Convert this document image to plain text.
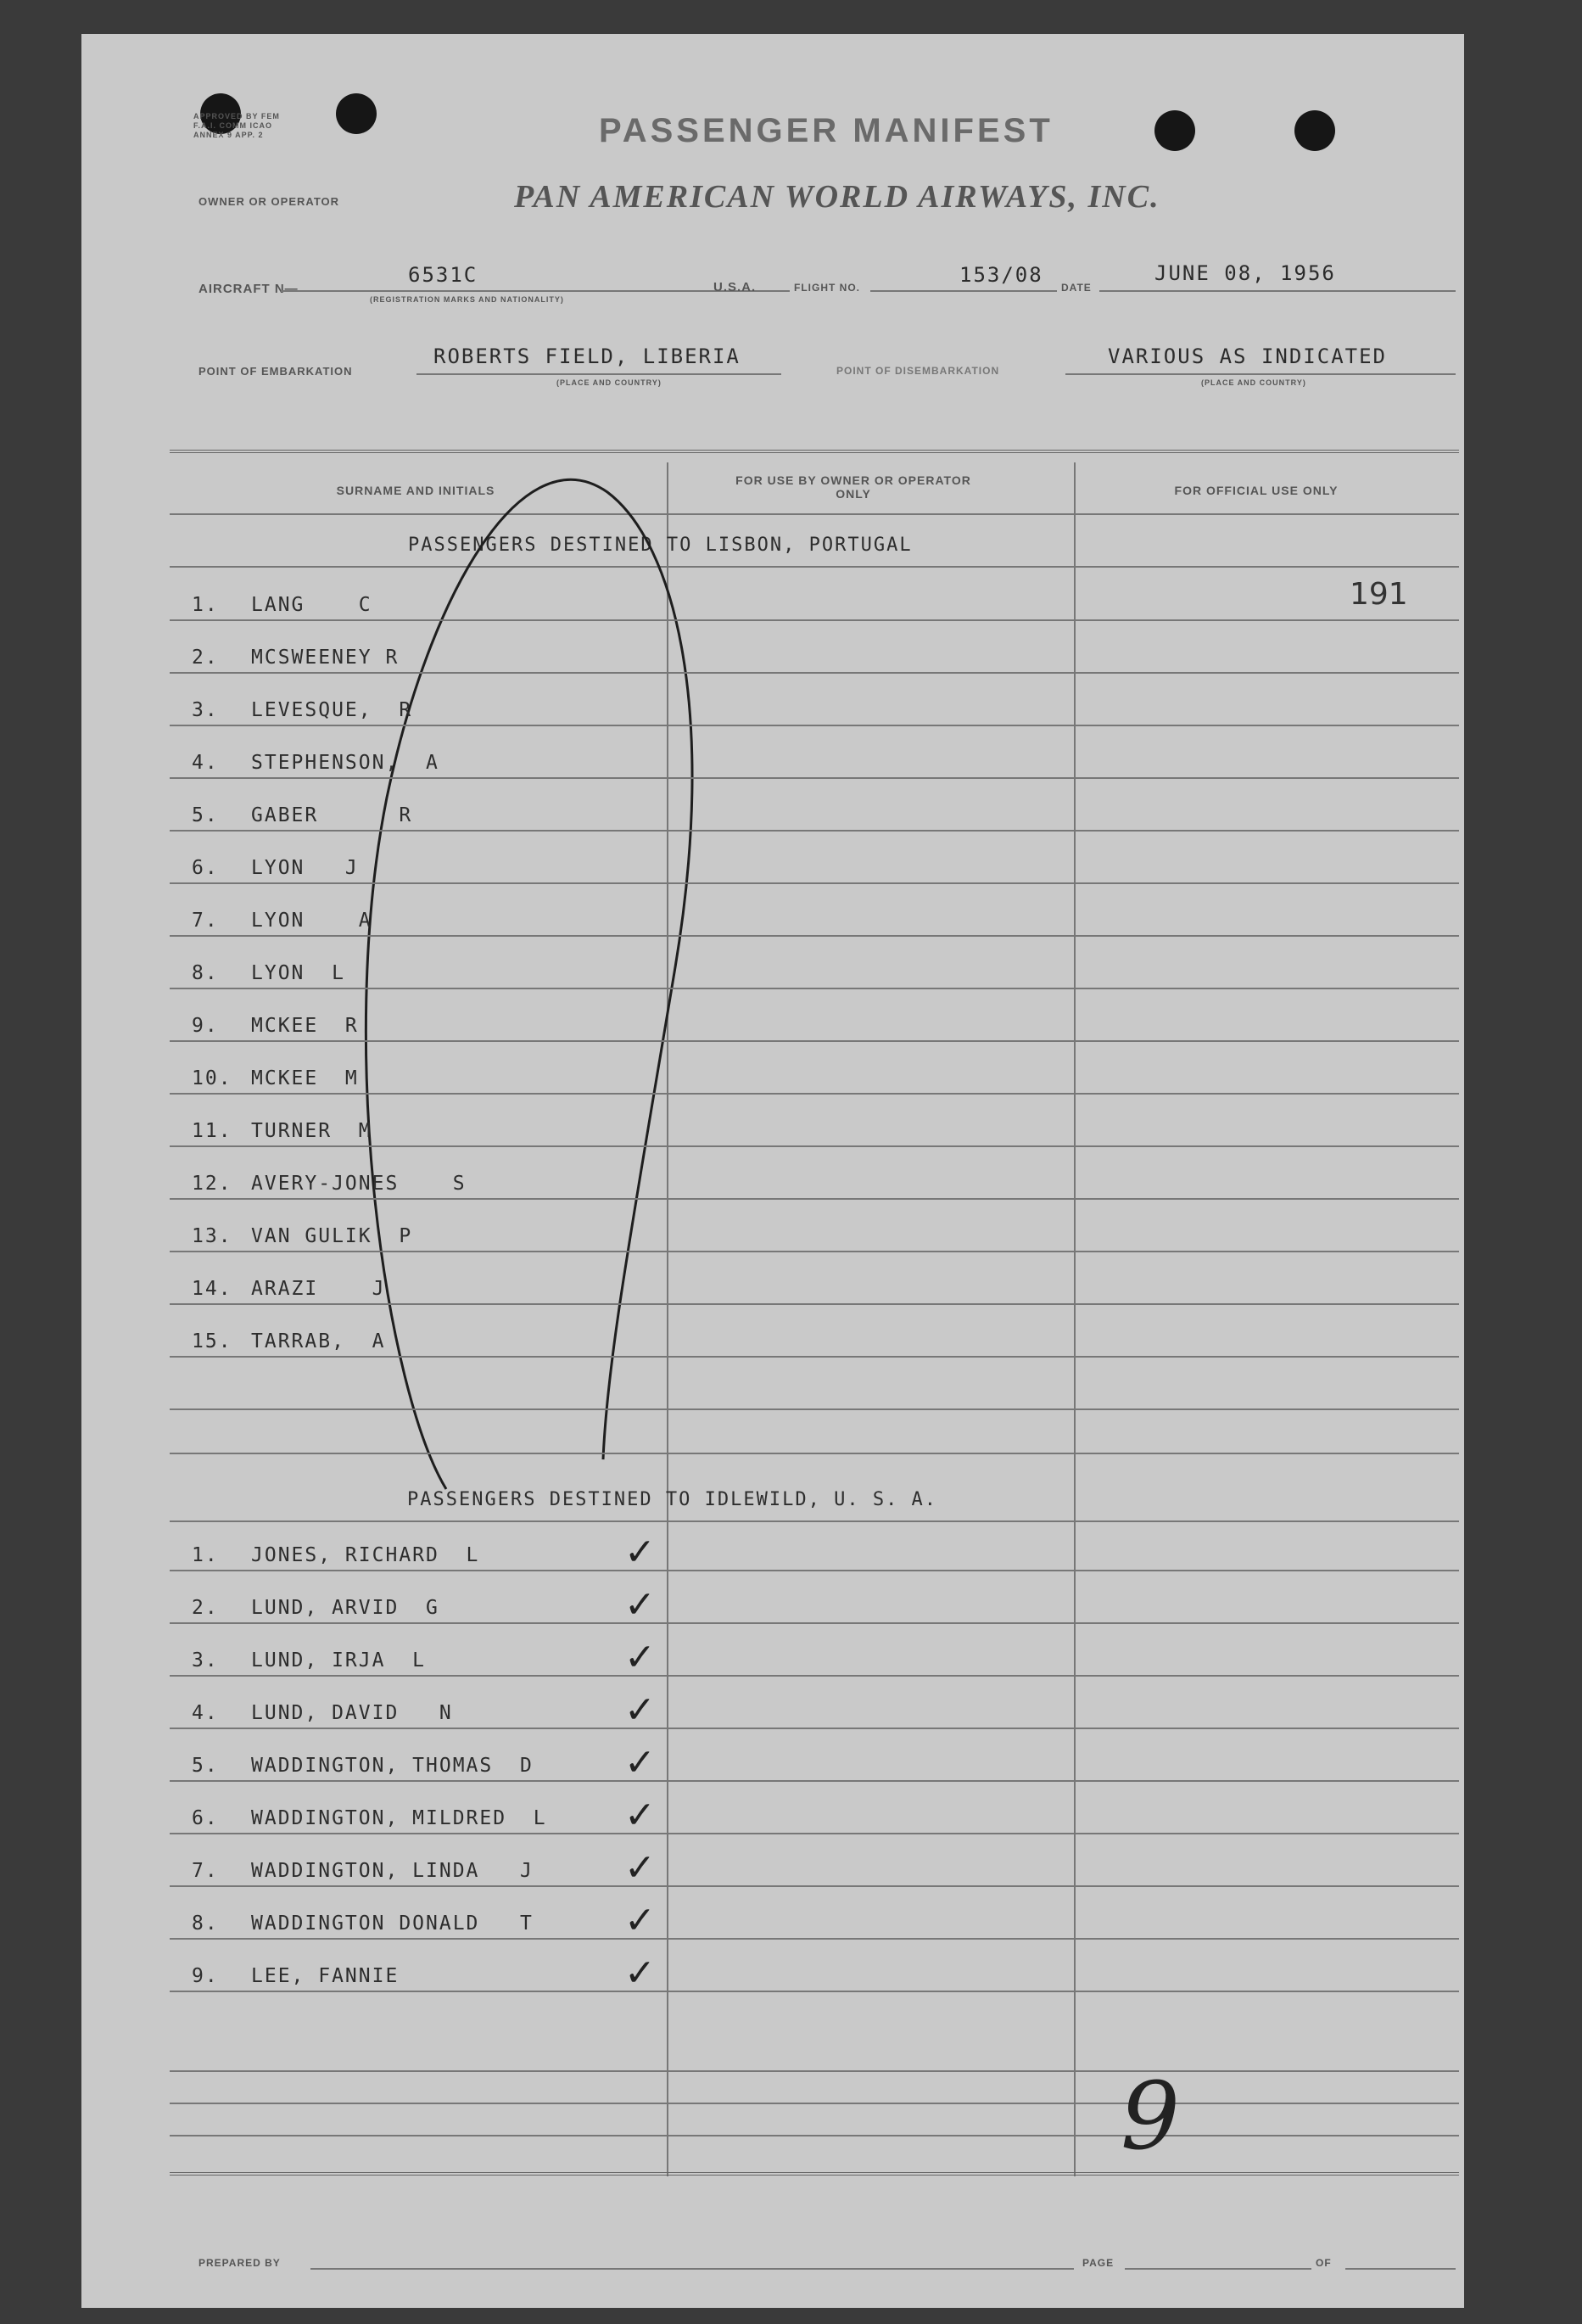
APPROVED BY FEM F.A.I. COMM ICAO ANNEX 9 APP. 2	PASSENGER MANIFEST
OWNER OR OPERATOR	PAN AMERICAN WORLD AIRWAYS, INC.
AIRCRAFT N—
6531C
(REGISTRATION MARKS AND NATIONALITY)
U.S.A.	FLIGHT NO.
153/08
DATE
JUNE 08, 1956
POINT OF EMBARKATION
ROBERTS FIELD, LIBERIA
(PLACE AND COUNTRY)
POINT OF DISEMBARKATION
VARIOUS AS INDICATED
(PLACE AND COUNTRY)
SURNAME AND INITIALS
FOR USE BY OWNER OR OPERATOR ONLY	FOR OFFICIAL USE ONLY
PASSENGERS DESTINED TO LISBON, PORTUGAL
PASSENGERS DESTINED TO IDLEWILD, U. S. A.
PREPARED BY	PAGE	OF
191
9
1. LANG    C
2. MCSWEENEY R
3. LEVESQUE,  R
4. STEPHENSON,  A
5. GABER      R
6. LYON   J
7. LYON    A
8. LYON  L
9. MCKEE  R
10. MCKEE  M
11. TURNER  M
12. AVERY-JONES    S
13. VAN GULIK  P
14. ARAZI    J
15. TARRAB,  A
1. JONES, RICHARD  L	✓
2. LUND, ARVID  G	✓
3. LUND, IRJA  L	✓
4. LUND, DAVID   N	✓
5. WADDINGTON, THOMAS  D ✓
6. WADDINGTON, MILDRED  L ✓
7. WADDINGTON, LINDA   J ✓
8. WADDINGTON DONALD   T ✓
9. LEE, FANNIE	✓
